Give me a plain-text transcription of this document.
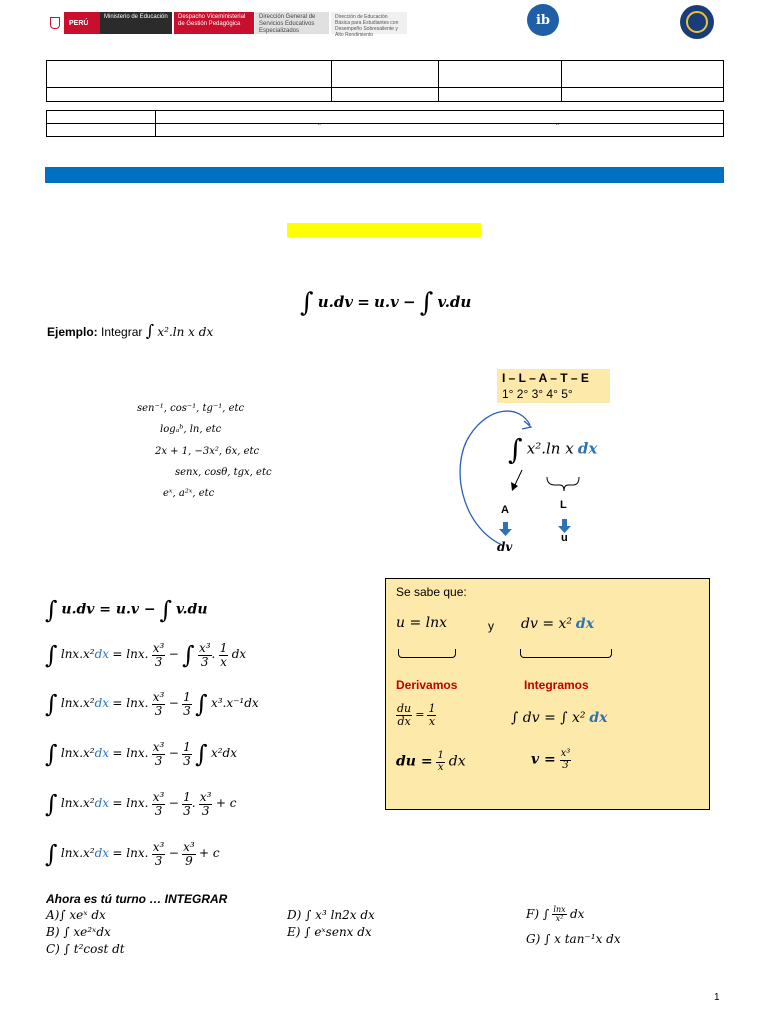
PERÚ
Ministerio de Educación	Despacho Viceministerial de Gestión Pedagógica
Dirección General de Servicios Educativos Especializados
Dirección de Educación Básica para Estudiantes con Desempeño Sobresaliente y Alto Rendimiento
ib

	" "
∫ u.dv = u.v − ∫ v.du
Ejemplo: Integrar ∫ x².ln x dx
I – L – A – T – E
1° 2° 3° 4° 5°
sen⁻¹, cos⁻¹, tg⁻¹, etc
logₐᵇ, ln, etc
2x + 1, −3x², 6x, etc
senx, cosθ, tgx, etc
eˣ, a²ˣ, etc
∫ x².ln x dx
A	L
u
dv
∫ u.dv = u.v − ∫ v.du
∫ lnx.x²dx = lnx. $\frac{\text{x³}}{3}$ − ∫ $\frac{\text{x³}}{3}$ . $\frac{1}{x}$ dx
∫ lnx.x²dx = lnx. $\frac{\text{x³}}{3} - \frac{1}{3}$ ∫ x³.x⁻¹dx
∫ lnx.x²dx = lnx. $\frac{\text{x³}}{3} - \frac{1}{3}$ ∫ x²dx
∫ lnx.x²dx = lnx. $\frac{\text{x³}}{3} - \frac{1}{3}$ . $\frac{\text{x³}}{3} + c$
∫ lnx.x²dx = lnx. $\frac{\text{x³}}{3} - \frac{\text{x³}}{9} + c$
Se sabe que:
u = lnx	y dv = x² dx
Derivamos	Integramos
$\frac{du}{dx} = \frac{1}{x}$	∫ dv = ∫ x² dx
du = $\frac{1}{x}$ dx	$v = \frac{\text{x³}}{3}$
Ahora es tú turno … INTEGRAR
A)∫ xeˣ dx
B) ∫ xe²ˣdx
C) ∫ t²cost dt
D) ∫ x³ ln2x dx
E) ∫ eˣsenx dx
F) ∫ $\frac{\ln x}{\text{x²}}$ dx
G) ∫ x tan⁻¹x dx
1
